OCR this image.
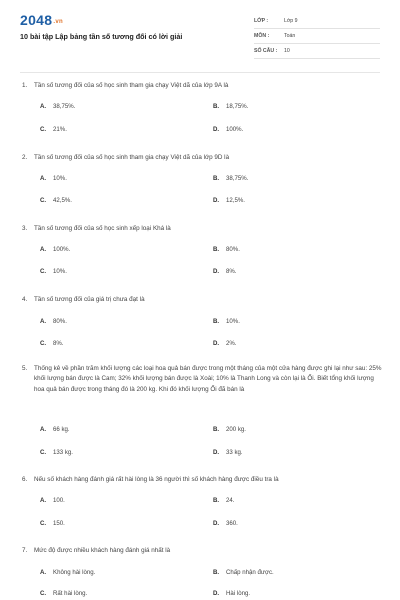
2048.vn
10 bài tập Lập bảng tần số tương đối có lời giải
LỚP :	Lớp 9
MÔN :	Toán
SỐ CÂU :	10
1. Tần số tương đối của số học sinh tham gia chạy Việt dã của lớp 9A là
A. 38,75%.	B. 18,75%.
C. 21%.	D. 100%.
2. Tần số tương đối của số học sinh tham gia chạy Việt dã của lớp 9D là
A. 10%.	B. 38,75%.
C. 42,5%.	D. 12,5%.
3. Tần số tương đối của số học sinh xếp loại Khá là
A. 100%.	B. 80%.
C. 10%.	D. 8%.
4. Tần số tương đối của giá trị chưa đạt là
A. 80%.	B. 10%.
C. 8%.	D. 2%.
5. Thống kê về phần trăm khối lượng các loại hoa quả bán được trong một tháng của một cửa hàng được ghi lại như sau: 25% khối lượng bán được là Cam; 32% khối lượng bán được là Xoài; 10% là Thanh Long và còn lại là Ổi. Biết tổng khối lượng hoa quả bán được trong tháng đó là 200 kg. Khi đó khối lượng Ổi đã bán là
A. 66 kg.	B. 200 kg.
C. 133 kg.	D. 33 kg.
6. Nếu số khách hàng đánh giá rất hài lòng là 36 người thì số khách hàng được điều tra là
A. 100.	B. 24.
C. 150.	D. 360.
7. Mức độ được nhiều khách hàng đánh giá nhất là
A. Không hài lòng.	B. Chấp nhận được.
C. Rất hài lòng.	D. Hài lòng.
